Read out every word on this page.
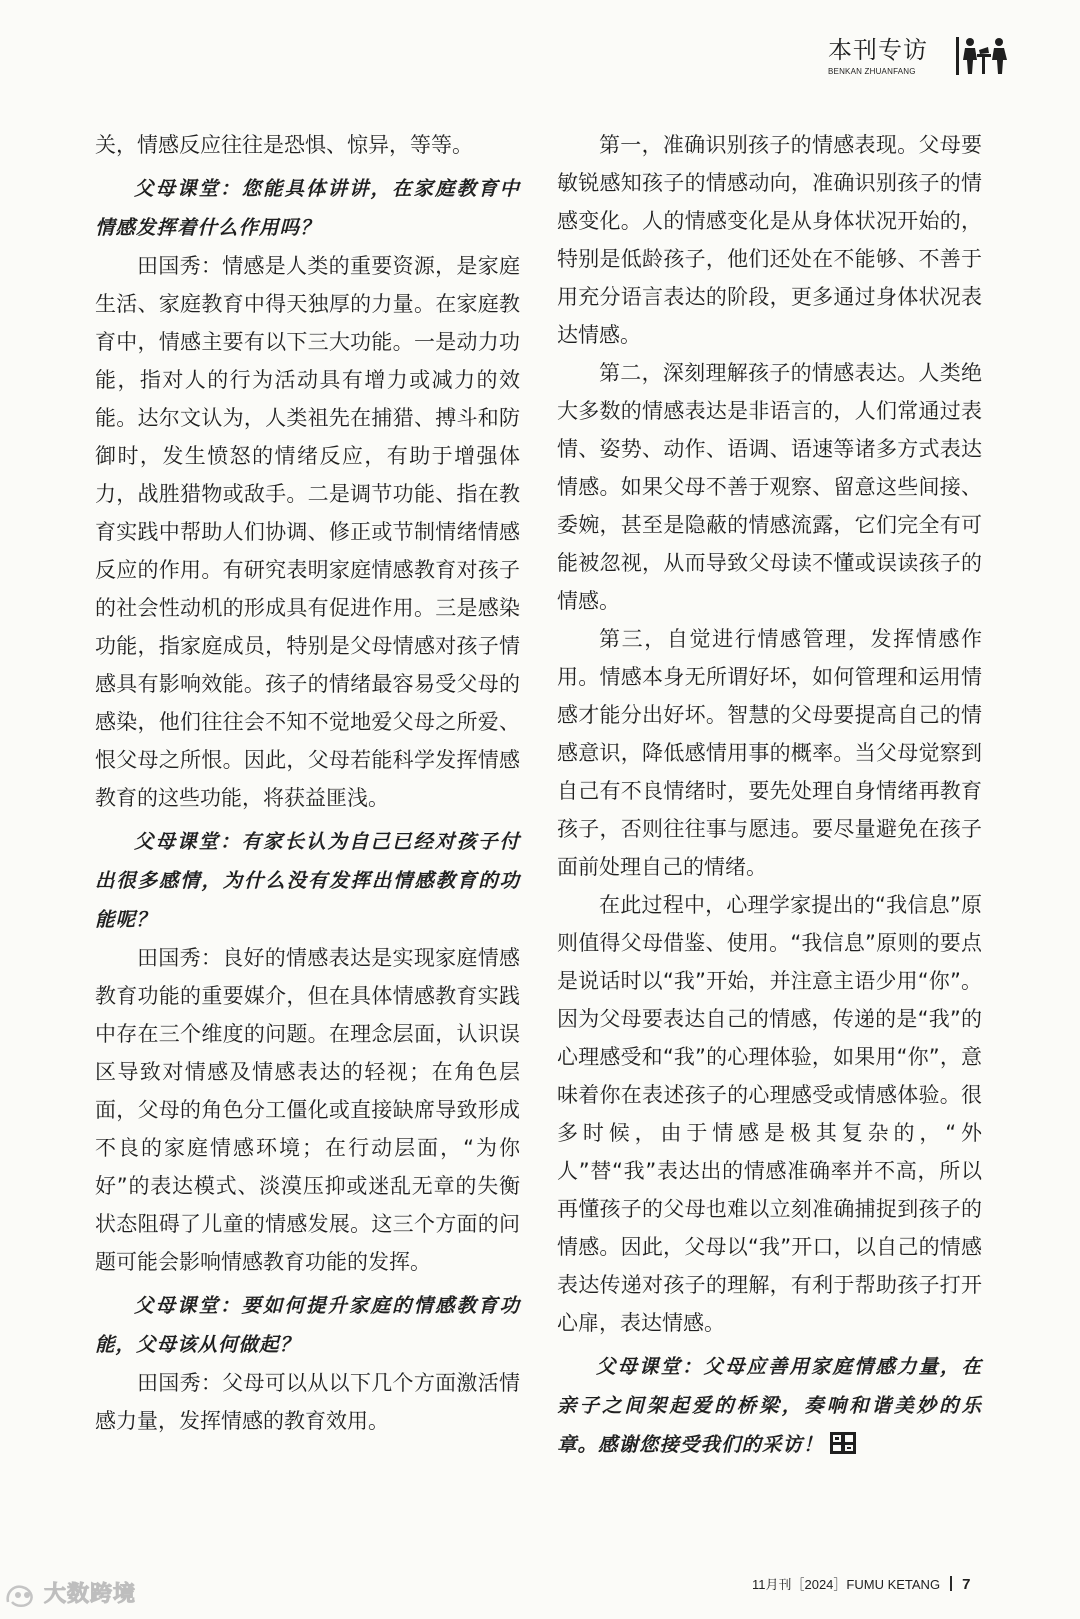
本刊专访
BENKAN ZHUANFANG

关，情感反应往往是恐惧、惊异，等等。

父母课堂：您能具体讲讲，在家庭教育中情感发挥着什么作用吗？

田国秀：情感是人类的重要资源，是家庭生活、家庭教育中得天独厚的力量。在家庭教育中，情感主要有以下三大功能。一是动力功能，指对人的行为活动具有增力或减力的效能。达尔文认为，人类祖先在捕猎、搏斗和防御时，发生愤怒的情绪反应，有助于增强体力，战胜猎物或敌手。二是调节功能、指在教育实践中帮助人们协调、修正或节制情绪情感反应的作用。有研究表明家庭情感教育对孩子的社会性动机的形成具有促进作用。三是感染功能，指家庭成员，特别是父母情感对孩子情感具有影响效能。孩子的情绪最容易受父母的感染，他们往往会不知不觉地爱父母之所爱、恨父母之所恨。因此，父母若能科学发挥情感教育的这些功能，将获益匪浅。

父母课堂：有家长认为自己已经对孩子付出很多感情，为什么没有发挥出情感教育的功能呢？

田国秀：良好的情感表达是实现家庭情感教育功能的重要媒介，但在具体情感教育实践中存在三个维度的问题。在理念层面，认识误区导致对情感及情感表达的轻视；在角色层面，父母的角色分工僵化或直接缺席导致形成不良的家庭情感环境；在行动层面，“为你好”的表达模式、淡漠压抑或迷乱无章的失衡状态阻碍了儿童的情感发展。这三个方面的问题可能会影响情感教育功能的发挥。

父母课堂：要如何提升家庭的情感教育功能，父母该从何做起？

田国秀：父母可以从以下几个方面激活情感力量，发挥情感的教育效用。

第一，准确识别孩子的情感表现。父母要敏锐感知孩子的情感动向，准确识别孩子的情感变化。人的情感变化是从身体状况开始的，特别是低龄孩子，他们还处在不能够、不善于用充分语言表达的阶段，更多通过身体状况表达情感。

第二，深刻理解孩子的情感表达。人类绝大多数的情感表达是非语言的，人们常通过表情、姿势、动作、语调、语速等诸多方式表达情感。如果父母不善于观察、留意这些间接、委婉，甚至是隐蔽的情感流露，它们完全有可能被忽视，从而导致父母读不懂或误读孩子的情感。

第三，自觉进行情感管理，发挥情感作用。情感本身无所谓好坏，如何管理和运用情感才能分出好坏。智慧的父母要提高自己的情感意识，降低感情用事的概率。当父母觉察到自己有不良情绪时，要先处理自身情绪再教育孩子，否则往往事与愿违。要尽量避免在孩子面前处理自己的情绪。

在此过程中，心理学家提出的“我信息”原则值得父母借鉴、使用。“我信息”原则的要点是说话时以“我”开始，并注意主语少用“你”。因为父母要表达自己的情感，传递的是“我”的心理感受和“我”的心理体验，如果用“你”，意味着你在表述孩子的心理感受或情感体验。很多时候，由于情感是极其复杂的，“外人”替“我”表达出的情感准确率并不高，所以再懂孩子的父母也难以立刻准确捕捉到孩子的情感。因此，父母以“我”开口，以自己的情感表达传递对孩子的理解，有利于帮助孩子打开心扉，表达情感。

父母课堂：父母应善用家庭情感力量，在亲子之间架起爱的桥梁，奏响和谐美妙的乐章。感谢您接受我们的采访！

11月刊［2024］FUMU KETANG 7
大数跨境
